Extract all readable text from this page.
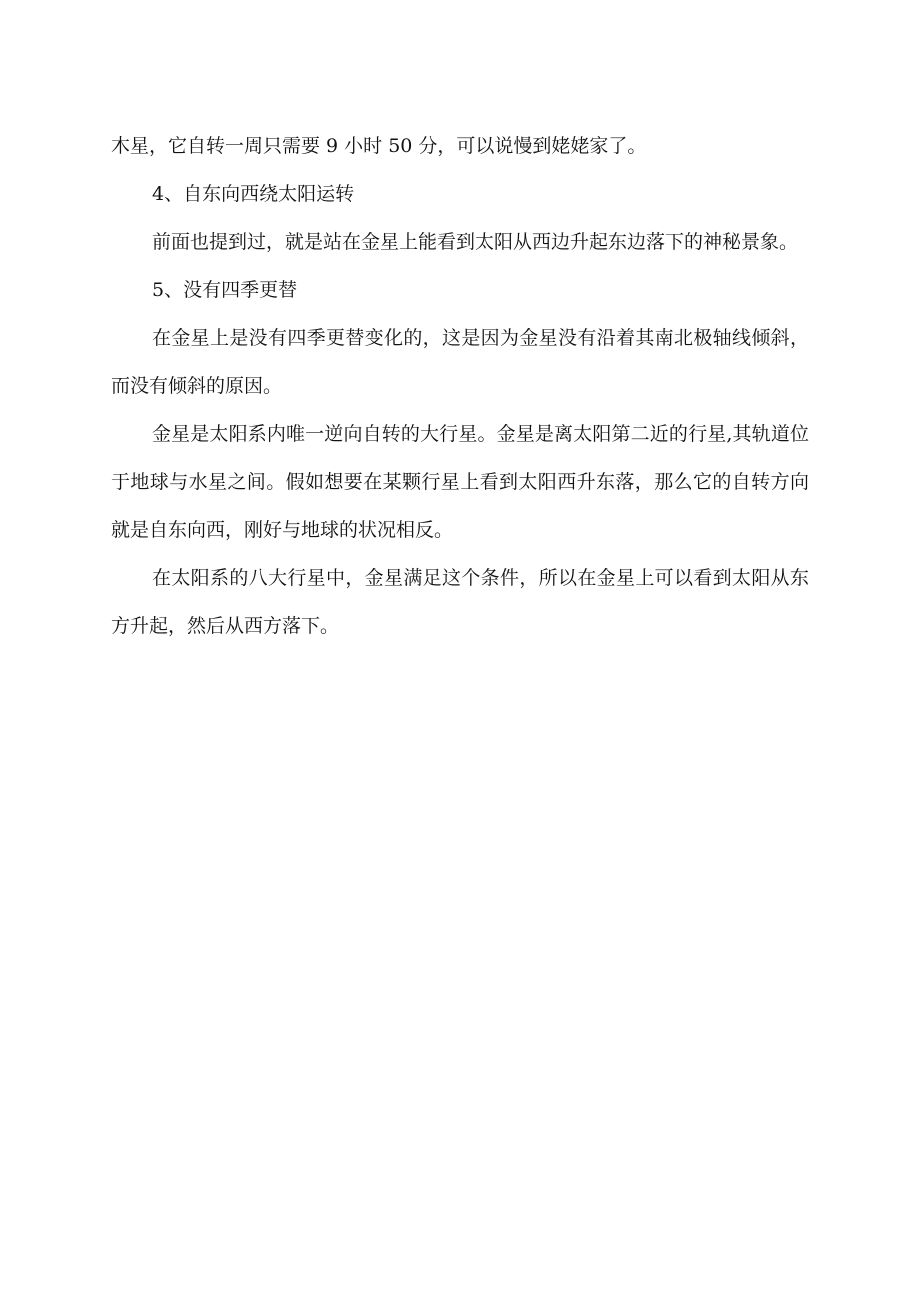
木星，它自转一周只需要 9 小时 50 分，可以说慢到姥姥家了。

4、自东向西绕太阳运转

前面也提到过，就是站在金星上能看到太阳从西边升起东边落下的神秘景象。

5、没有四季更替

在金星上是没有四季更替变化的，这是因为金星没有沿着其南北极轴线倾斜，而没有倾斜的原因。

金星是太阳系内唯一逆向自转的大行星。金星是离太阳第二近的行星,其轨道位于地球与水星之间。假如想要在某颗行星上看到太阳西升东落，那么它的自转方向就是自东向西，刚好与地球的状况相反。

在太阳系的八大行星中，金星满足这个条件，所以在金星上可以看到太阳从东方升起，然后从西方落下。
